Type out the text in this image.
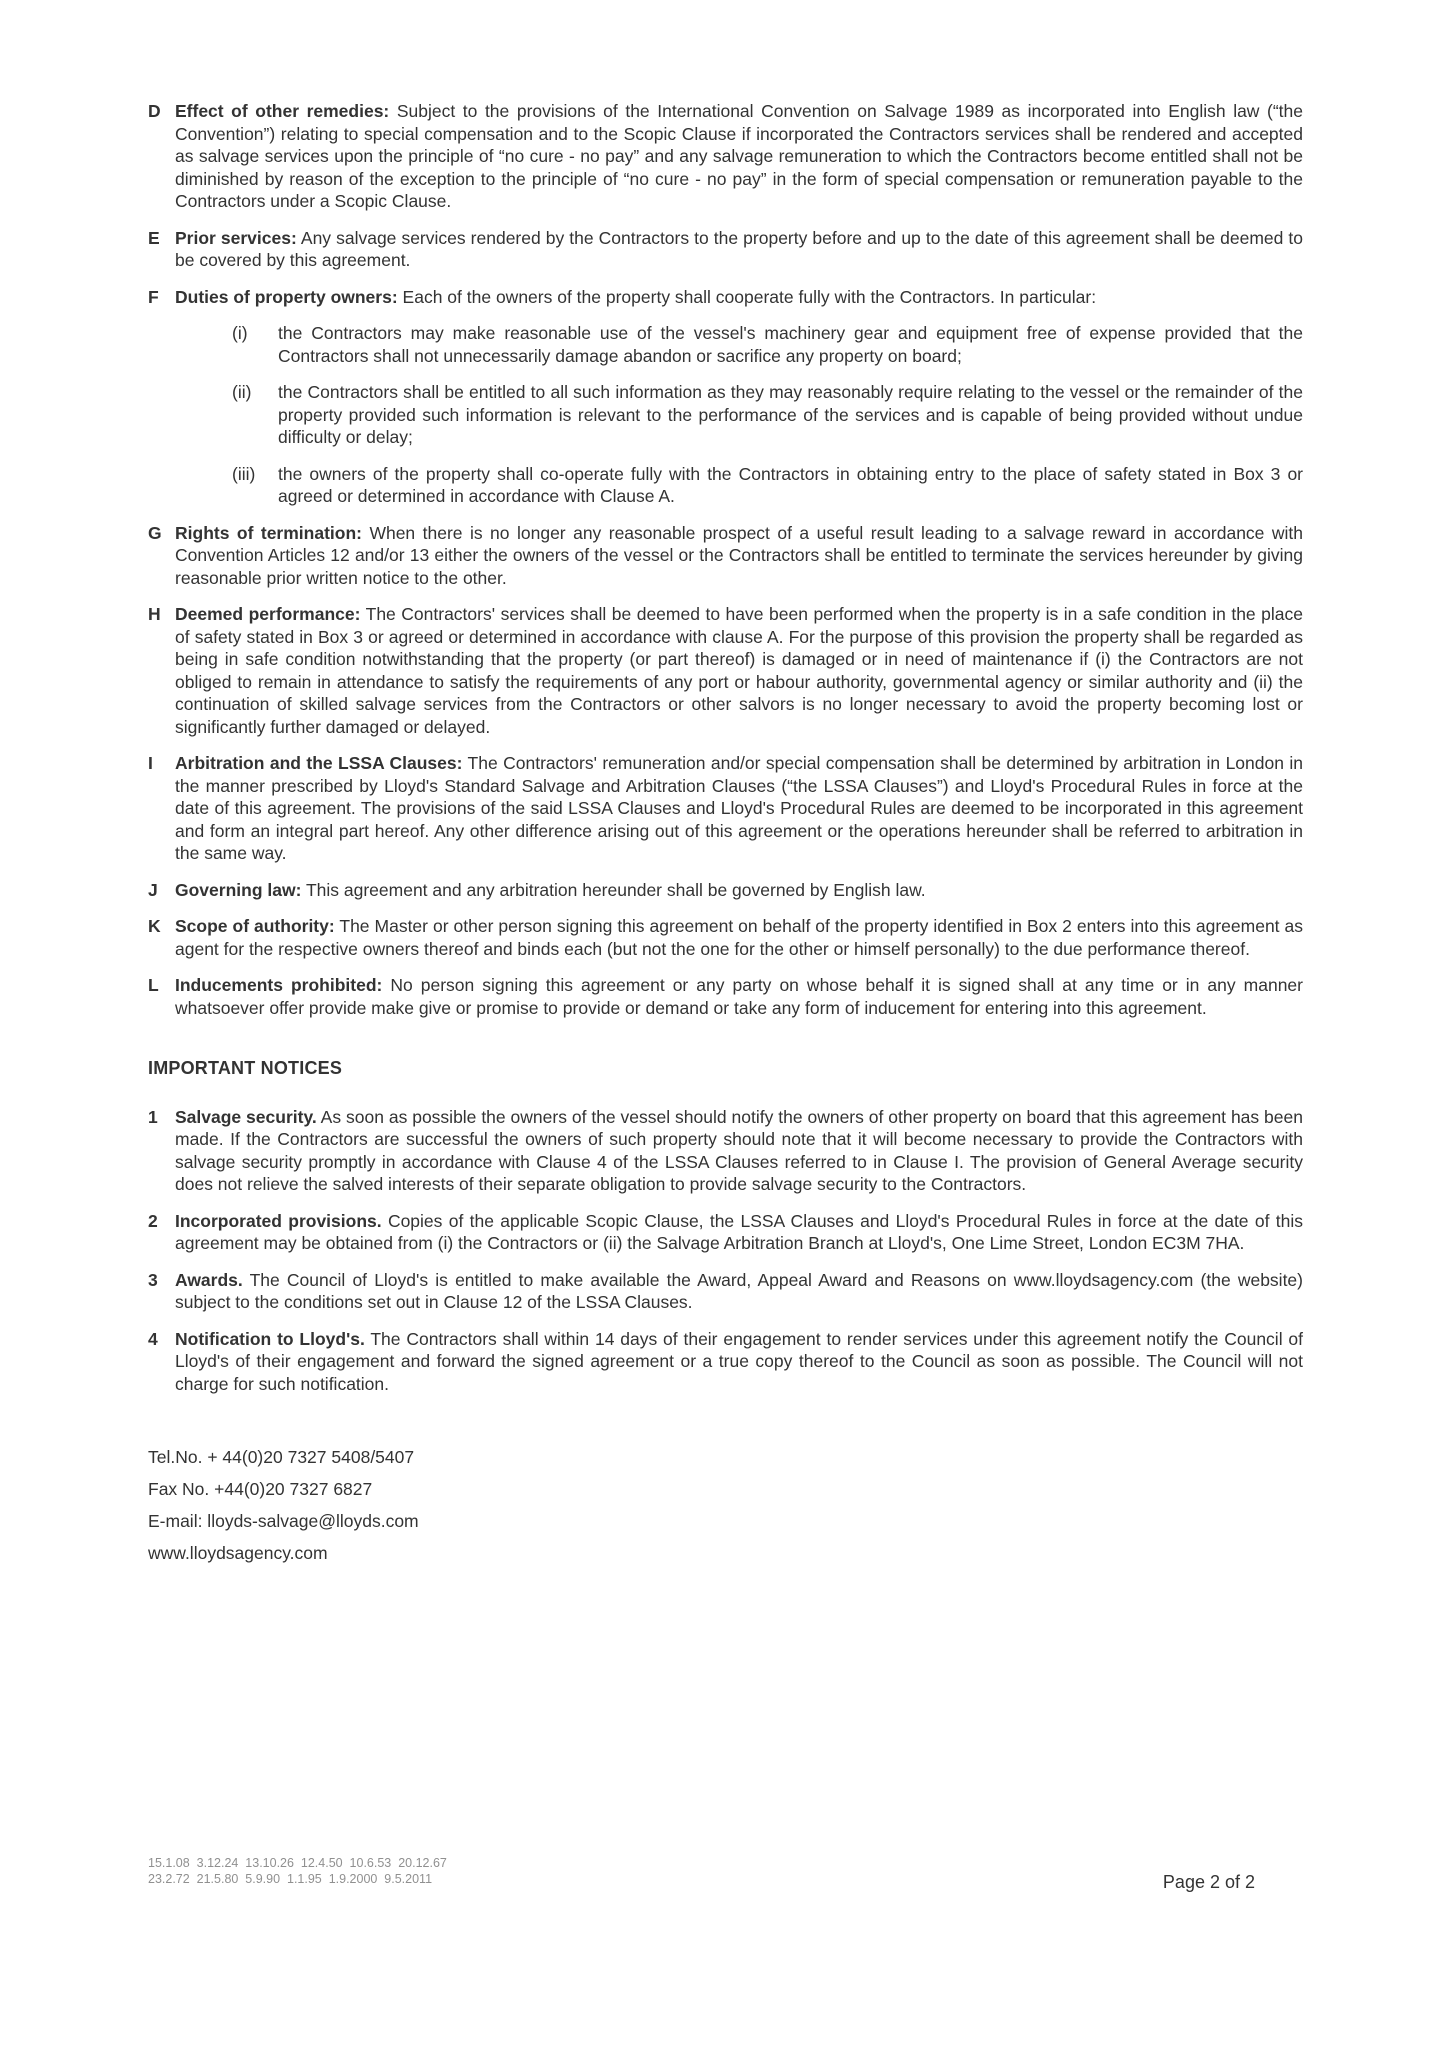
D Effect of other remedies: Subject to the provisions of the International Convention on Salvage 1989 as incorporated into English law (“the Convention”) relating to special compensation and to the Scopic Clause if incorporated the Contractors services shall be rendered and accepted as salvage services upon the principle of “no cure - no pay” and any salvage remuneration to which the Contractors become entitled shall not be diminished by reason of the exception to the principle of “no cure - no pay” in the form of special compensation or remuneration payable to the Contractors under a Scopic Clause.
E Prior services: Any salvage services rendered by the Contractors to the property before and up to the date of this agreement shall be deemed to be covered by this agreement.
F Duties of property owners: Each of the owners of the property shall cooperate fully with the Contractors. In particular:
(i)	the Contractors may make reasonable use of the vessel's machinery gear and equipment free of expense provided that the Contractors shall not unnecessarily damage abandon or sacrifice any property on board;
(ii)	the Contractors shall be entitled to all such information as they may reasonably require relating to the vessel or the remainder of the property provided such information is relevant to the performance of the services and is capable of being provided without undue difficulty or delay;
(iii)	the owners of the property shall co-operate fully with the Contractors in obtaining entry to the place of safety stated in Box 3 or agreed or determined in accordance with Clause A.
G Rights of termination: When there is no longer any reasonable prospect of a useful result leading to a salvage reward in accordance with Convention Articles 12 and/or 13 either the owners of the vessel or the Contractors shall be entitled to terminate the services hereunder by giving reasonable prior written notice to the other.
H Deemed performance: The Contractors' services shall be deemed to have been performed when the property is in a safe condition in the place of safety stated in Box 3 or agreed or determined in accordance with clause A. For the purpose of this provision the property shall be regarded as being in safe condition notwithstanding that the property (or part thereof) is damaged or in need of maintenance if (i) the Contractors are not obliged to remain in attendance to satisfy the requirements of any port or habour authority, governmental agency or similar authority and (ii) the continuation of skilled salvage services from the Contractors or other salvors is no longer necessary to avoid the property becoming lost or significantly further damaged or delayed.
I	Arbitration and the LSSA Clauses: The Contractors' remuneration and/or special compensation shall be determined by arbitration in London in the manner prescribed by Lloyd's Standard Salvage and Arbitration Clauses (“the LSSA Clauses”) and Lloyd's Procedural Rules in force at the date of this agreement. The provisions of the said LSSA Clauses and Lloyd's Procedural Rules are deemed to be incorporated in this agreement and form an integral part hereof. Any other difference arising out of this agreement or the operations hereunder shall be referred to arbitration in the same way.
J Governing law: This agreement and any arbitration hereunder shall be governed by English law.
K Scope of authority: The Master or other person signing this agreement on behalf of the property identified in Box 2 enters into this agreement as agent for the respective owners thereof and binds each (but not the one for the other or himself personally) to the due performance thereof.
L Inducements prohibited: No person signing this agreement or any party on whose behalf it is signed shall at any time or in any manner whatsoever offer provide make give or promise to provide or demand or take any form of inducement for entering into this agreement.
IMPORTANT NOTICES
1 Salvage security. As soon as possible the owners of the vessel should notify the owners of other property on board that this agreement has been made. If the Contractors are successful the owners of such property should note that it will become necessary to provide the Contractors with salvage security promptly in accordance with Clause 4 of the LSSA Clauses referred to in Clause I. The provision of General Average security does not relieve the salved interests of their separate obligation to provide salvage security to the Contractors.
2 Incorporated provisions. Copies of the applicable Scopic Clause, the LSSA Clauses and Lloyd's Procedural Rules in force at the date of this agreement may be obtained from (i) the Contractors or (ii) the Salvage Arbitration Branch at Lloyd's, One Lime Street, London EC3M 7HA.
3 Awards. The Council of Lloyd's is entitled to make available the Award, Appeal Award and Reasons on www.lloydsagency.com (the website) subject to the conditions set out in Clause 12 of the LSSA Clauses.
4 Notification to Lloyd's. The Contractors shall within 14 days of their engagement to render services under this agreement notify the Council of Lloyd's of their engagement and forward the signed agreement or a true copy thereof to the Council as soon as possible. The Council will not charge for such notification.
Tel.No. + 44(0)20 7327 5408/5407
Fax No. +44(0)20 7327 6827
E-mail: lloyds-salvage@lloyds.com
www.lloydsagency.com
15.1.08  3.12.24  13.10.26  12.4.50  10.6.53  20.12.67
23.2.72  21.5.80  5.9.90  1.1.95  1.9.2000  9.5.2011	Page 2 of 2
